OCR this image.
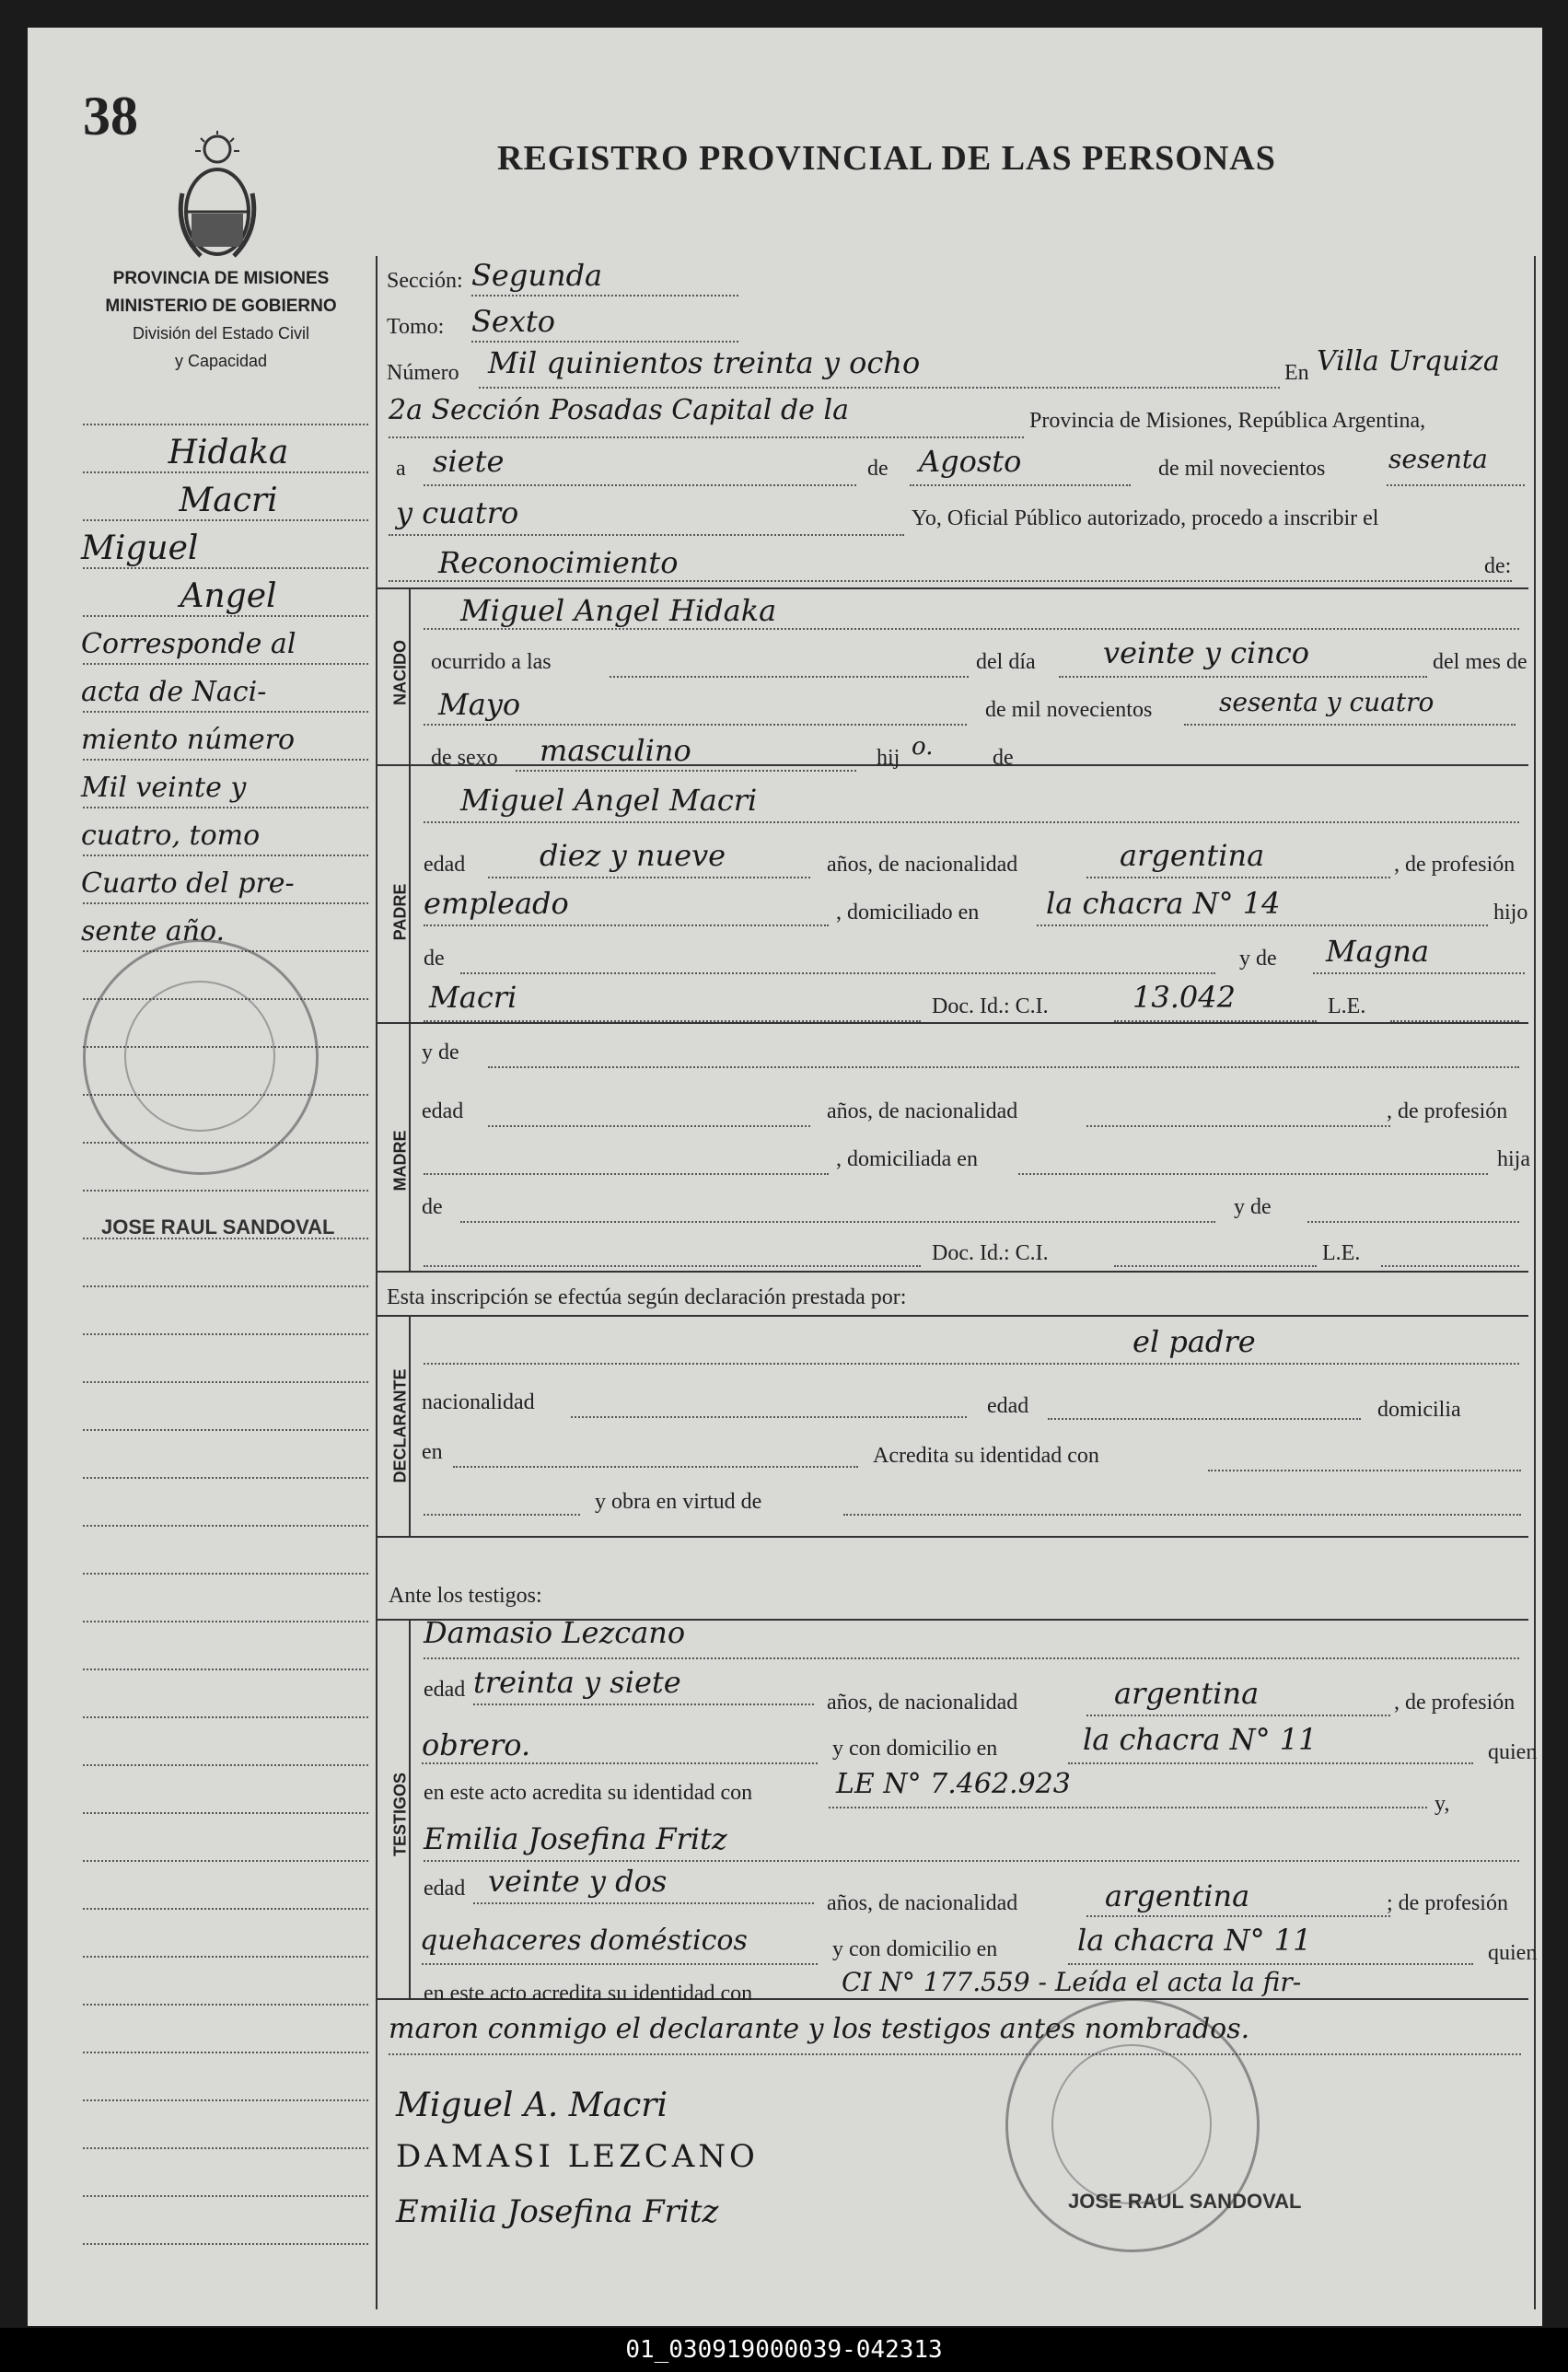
38
REGISTRO PROVINCIAL DE LAS PERSONAS
PROVINCIA DE MISIONES
MINISTERIO DE GOBIERNO
División del Estado Civil
y Capacidad
Hidaka
Macri
Miguel
Angel
Corresponde al
acta de Naci-
miento número
Mil veinte y
cuatro, tomo
Cuarto del pre-
sente año.
JOSE RAUL SANDOVAL
Sección: Segunda
Tomo: Sexto
Número Mil quinientos treinta y ocho	En Villa Urquiza
2a Sección Posadas Capital de la	Provincia de Misiones, República Argentina,
a siete	de Agosto	de mil novecientos sesenta
y cuatro	Yo, Oficial Público autorizado, procedo a inscribir el
Reconocimiento	de:
NACIDO
Miguel Angel Hidaka
ocurrido a las	del día veinte y cinco	del mes de
Mayo	de mil novecientos	sesenta y cuatro
de sexo masculino	hij o.	de
PADRE
Miguel Angel Macri
edad	diez y nueve	años, de nacionalidad	argentina	, de profesión
empleado	, domiciliado en la chacra N° 14	hijo
de	y de Magna
Macri	Doc. Id.: C.I.	13.042	L.E.
MADRE
y de
edad	años, de nacionalidad	, de profesión
, domiciliada en	hija
de	y de
Doc. Id.: C.I.	L.E.
Esta inscripción se efectúa según declaración prestada por:
DECLARANTE
el padre
nacionalidad	edad	domicilia
en	Acredita su identidad con
y obra en virtud de
Ante los testigos:
TESTIGOS
Damasio Lezcano
edad treinta y siete
años, de nacionalidad	argentina	, de profesión
obrero.	y con domicilio en	la chacra N° 11	quien
en este acto acredita su identidad con	LE N° 7.462.923
y,
Emilia Josefina Fritz
edad veinte y dos
años, de nacionalidad	argentina	; de profesión
quehaceres domésticos	y con domicilio en	la chacra N° 11	quien
en este acto acredita su identidad con	CI N° 177.559 - Leída el acta la fir-
maron conmigo el declarante y los testigos antes nombrados.
Miguel A. Macri
DAMASI LEZCANO
Emilia Josefina Fritz	JOSE RAUL SANDOVAL
01_030919000039-042313
